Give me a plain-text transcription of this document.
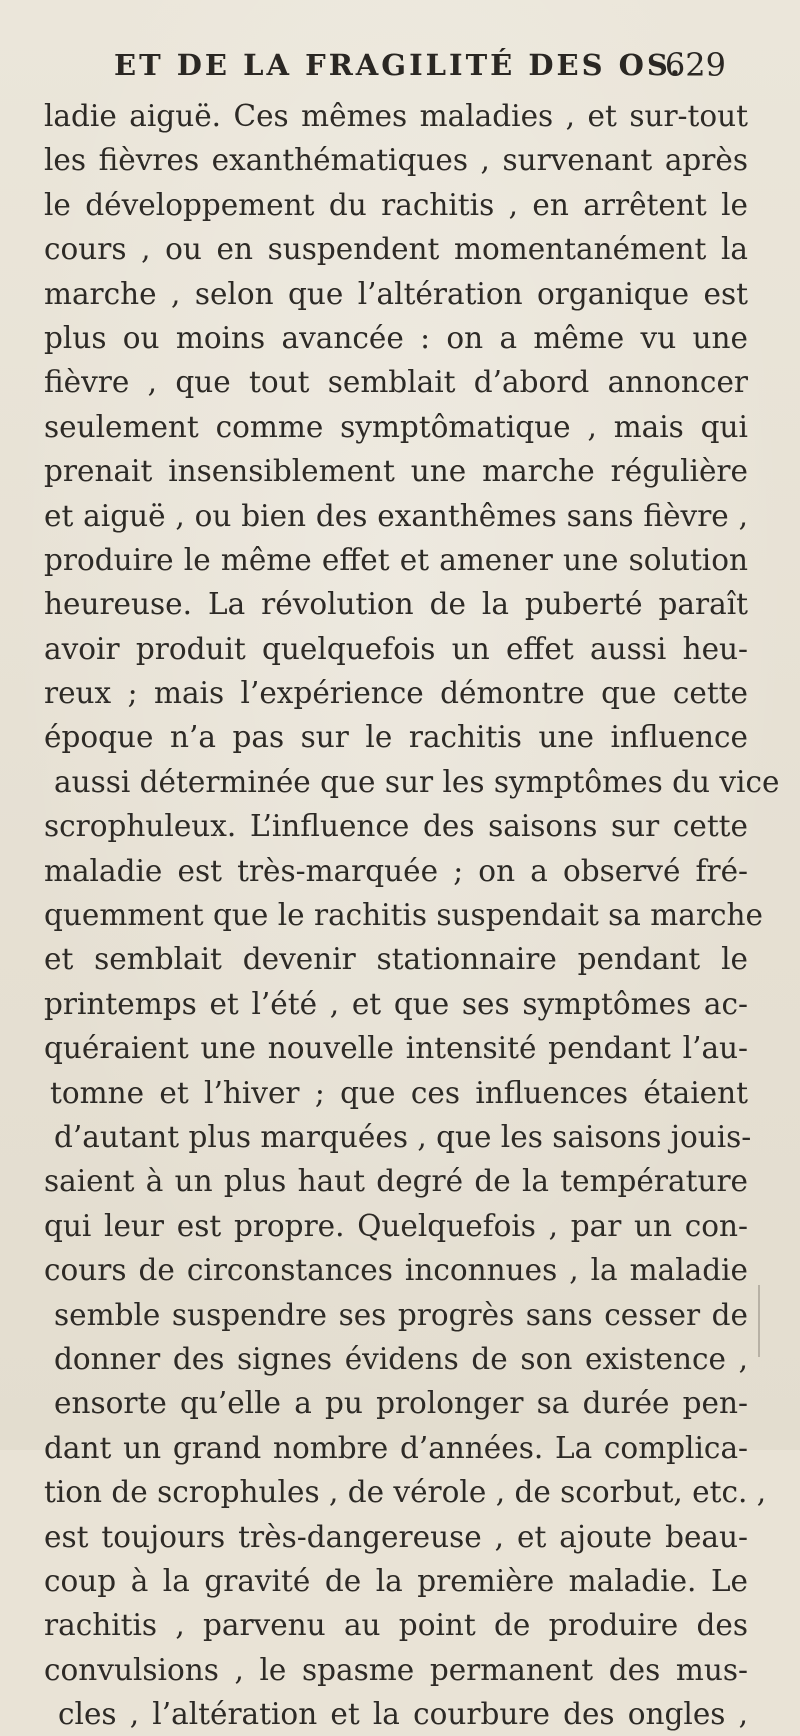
ET DE LA FRAGILITÉ DES OS.
629
ladie aiguë. Ces mêmes maladies , et sur-tout
les fièvres exanthématiques , survenant après
le développement du rachitis , en arrêtent le
cours , ou en suspendent momentanément la
marche , selon que l’altération organique est
plus ou moins avancée : on a même vu une
fièvre , que tout semblait d’abord annoncer
seulement comme symptômatique , mais qui
prenait insensiblement une marche régulière
et aiguë , ou bien des exanthêmes sans fièvre ,
produire le même effet et amener une solution
heureuse. La révolution de la puberté paraît
avoir produit quelquefois un effet aussi heu-
reux ; mais l’expérience démontre que cette
époque n’a pas sur le rachitis une influence
aussi déterminée que sur les symptômes du vice
scrophuleux. L’influence des saisons sur cette
maladie est très-marquée ; on a observé fré-
quemment que le rachitis suspendait sa marche
et semblait devenir stationnaire pendant le
printemps et l’été , et que ses symptômes ac-
quéraient une nouvelle intensité pendant l’au-
tomne et l’hiver ; que ces influences étaient
d’autant plus marquées , que les saisons jouis-
saient à un plus haut degré de la température
qui leur est propre. Quelquefois , par un con-
cours de circonstances inconnues , la maladie
semble suspendre ses progrès sans cesser de
donner des signes évidens de son existence ,
ensorte qu’elle a pu prolonger sa durée pen-
dant un grand nombre d’années. La complica-
tion de scrophules , de vérole , de scorbut, etc. ,
est toujours très-dangereuse , et ajoute beau-
coup à la gravité de la première maladie. Le
rachitis , parvenu au point de produire des
convulsions , le spasme permanent des mus-
cles , l’altération et la courbure des ongles ,
